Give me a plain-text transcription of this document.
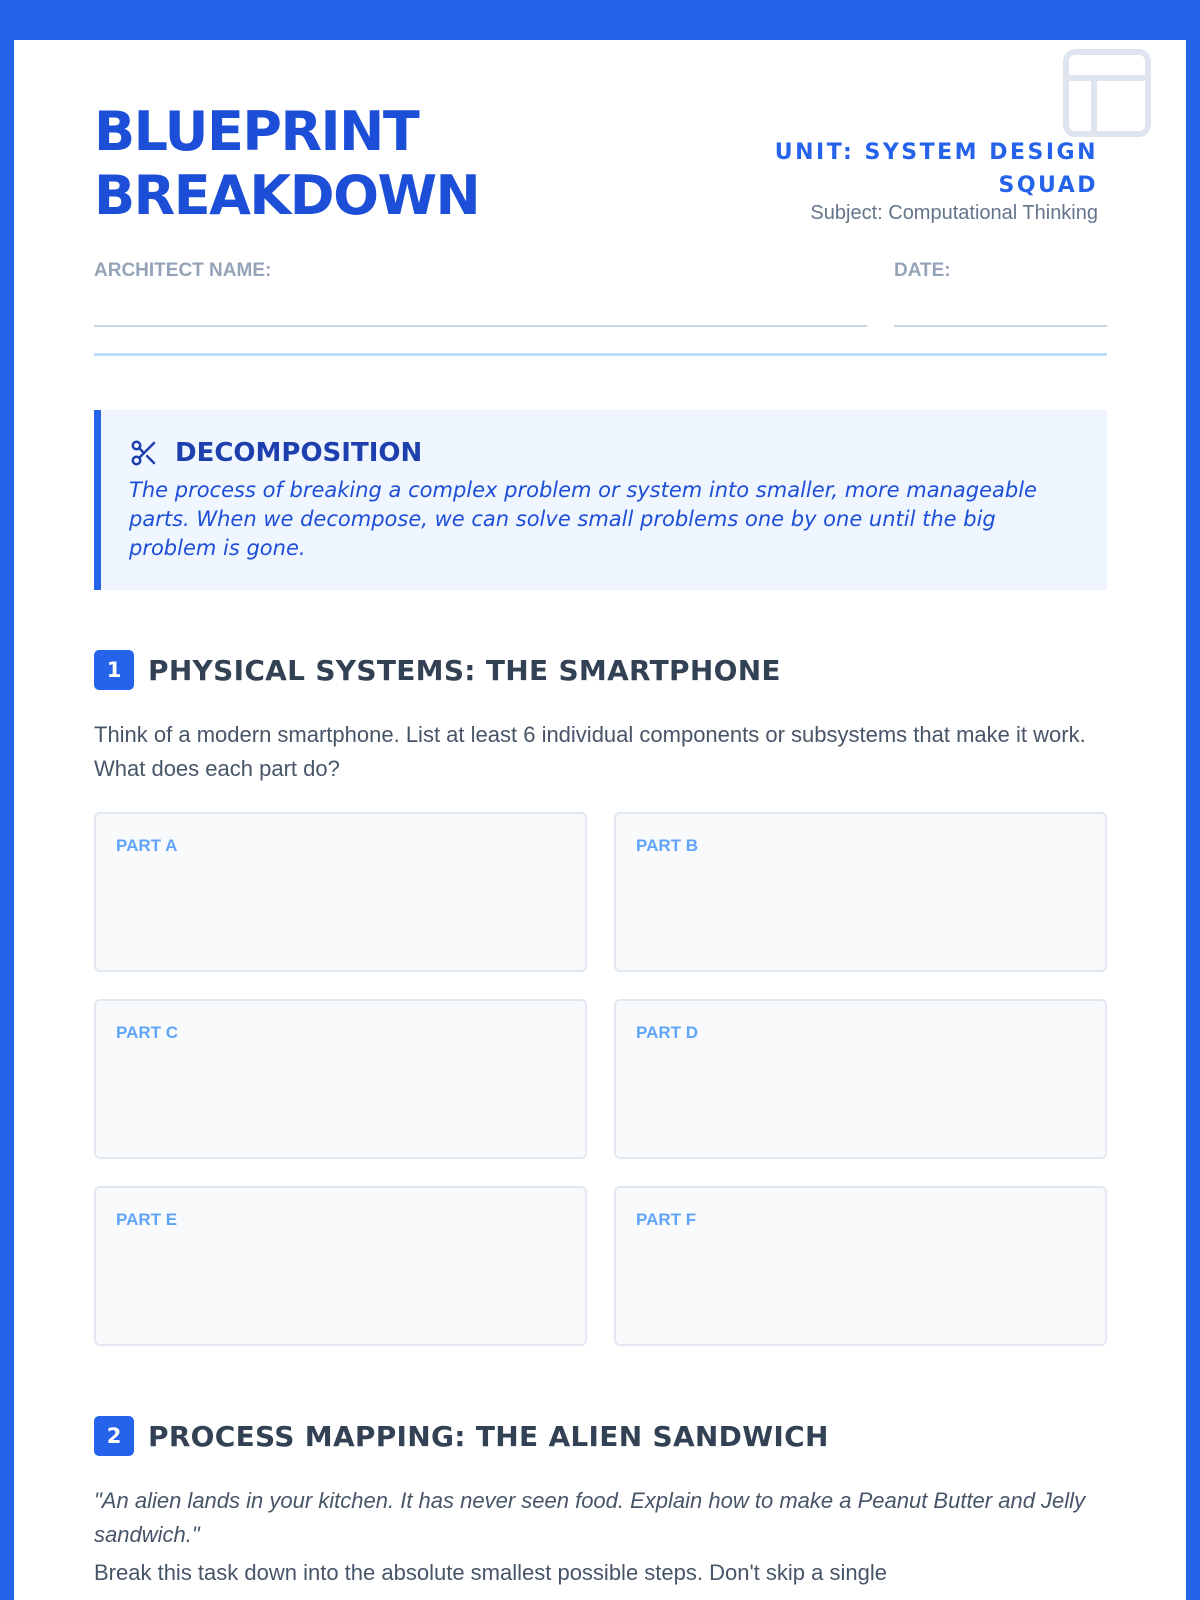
BLUEPRINT
BREAKDOWN
UNIT: SYSTEM DESIGN SQUAD
Subject: Computational Thinking
ARCHITECT NAME:	DATE:
DECOMPOSITION

The process of breaking a complex problem or system into smaller, more manageable parts. When we decompose, we can solve small problems one by one until the big problem is gone.

1 PHYSICAL SYSTEMS: THE SMARTPHONE

Think of a modern smartphone. List at least 6 individual components or subsystems that make it work. What does each part do?

PART A	PART B
PART C	PART D
PART E	PART F
2 PROCESS MAPPING: THE ALIEN SANDWICH

"An alien lands in your kitchen. It has never seen food. Explain how to make a Peanut Butter and Jelly sandwich."

Break this task down into the absolute smallest possible steps. Don't skip a single
